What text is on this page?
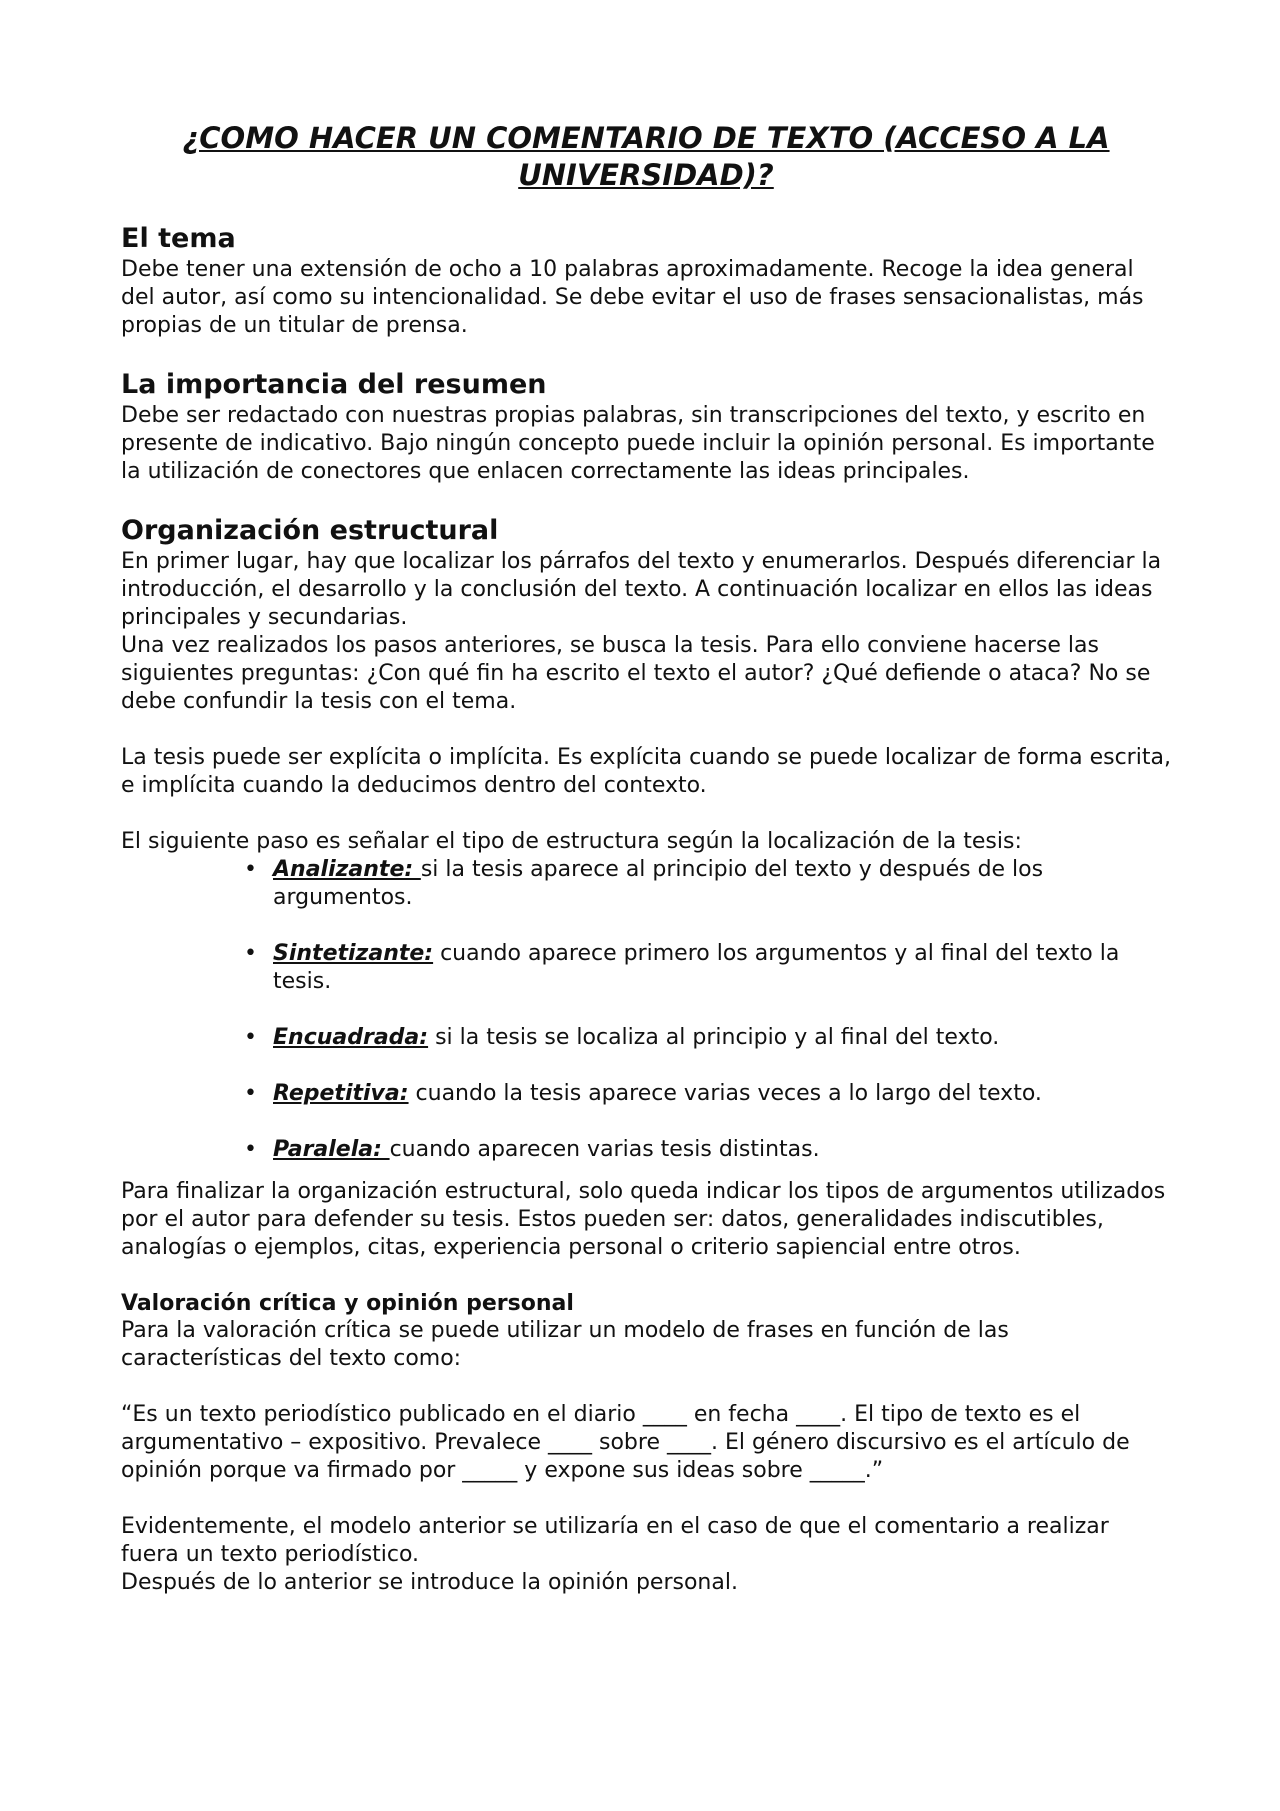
¿COMO HACER UN COMENTARIO DE TEXTO (ACCESO A LA UNIVERSIDAD)?
El tema

Debe tener una extensión de ocho a 10 palabras aproximadamente. Recoge la idea general del autor, así como su intencionalidad. Se debe evitar el uso de frases sensacionalistas, más propias de un titular de prensa.

La importancia del resumen

Debe ser redactado con nuestras propias palabras, sin transcripciones del texto, y escrito en presente de indicativo. Bajo ningún concepto puede incluir la opinión personal. Es importante la utilización de conectores que enlacen correctamente las ideas principales.

Organización estructural

En primer lugar, hay que localizar los párrafos del texto y enumerarlos. Después diferenciar la introducción, el desarrollo y la conclusión del texto. A continuación localizar en ellos las ideas principales y secundarias.

Una vez realizados los pasos anteriores, se busca la tesis. Para ello conviene hacerse las siguientes preguntas: ¿Con qué fin ha escrito el texto el autor? ¿Qué defiende o ataca? No se debe confundir la tesis con el tema.

La tesis puede ser explícita o implícita. Es explícita cuando se puede localizar de forma escrita, e implícita cuando la deducimos dentro del contexto.

El siguiente paso es señalar el tipo de estructura según la localización de la tesis:

• Analizante: si la tesis aparece al principio del texto y después de los argumentos.
• Sintetizante: cuando aparece primero los argumentos y al final del texto la tesis.
• Encuadrada: si la tesis se localiza al principio y al final del texto.
• Repetitiva: cuando la tesis aparece varias veces a lo largo del texto.
• Paralela: cuando aparecen varias tesis distintas.

Para finalizar la organización estructural, solo queda indicar los tipos de argumentos utilizados por el autor para defender su tesis. Estos pueden ser: datos, generalidades indiscutibles, analogías o ejemplos, citas, experiencia personal o criterio sapiencial entre otros.

Valoración crítica y opinión personal

Para la valoración crítica se puede utilizar un modelo de frases en función de las características del texto como:

“Es un texto periodístico publicado en el diario ____ en fecha ____. El tipo de texto es el argumentativo – expositivo. Prevalece ____ sobre ____. El género discursivo es el artículo de opinión porque va firmado por _____ y expone sus ideas sobre _____.”

Evidentemente, el modelo anterior se utilizaría en el caso de que el comentario a realizar fuera un texto periodístico.

Después de lo anterior se introduce la opinión personal.
